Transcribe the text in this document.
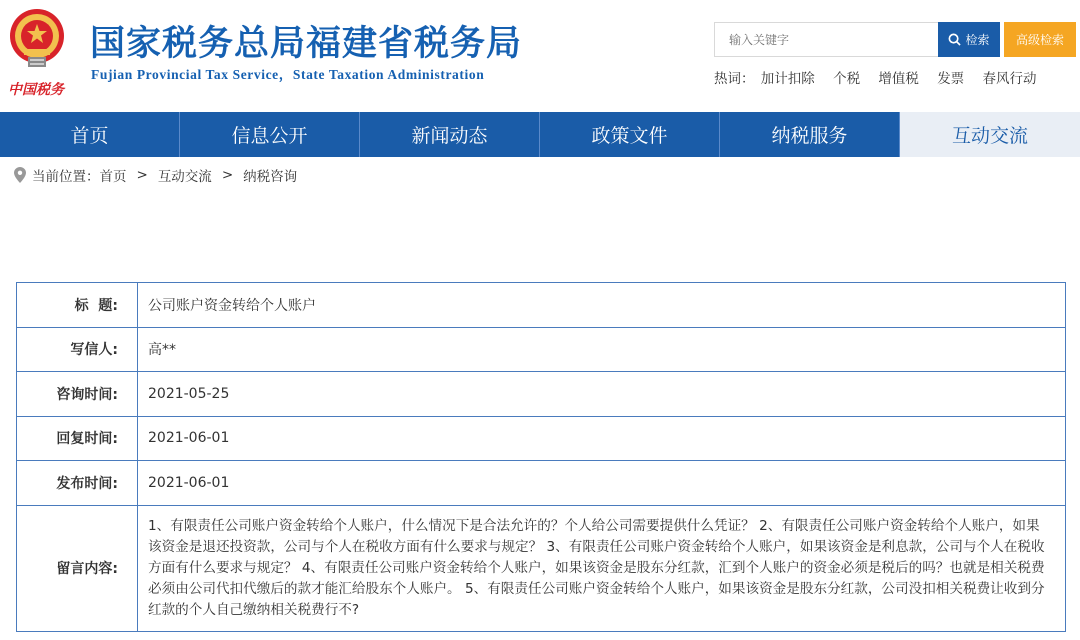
中国税务
国家税务总局福建省税务局
Fujian Provincial Tax Service，State Taxation Administration
输入关键字
检索	高级检索
热词： 加计扣除 个税 增值税 发票 春风行动
首页	信息公开	新闻动态	政策文件	纳税服务	互动交流
当前位置： 首页 > 互动交流 > 纳税咨询
标  题:	公司账户资金转给个人账户
写信人:	高**
咨询时间:	2021-05-25
回复时间:	2021-06-01
发布时间:	2021-06-01
留言内容:	1、有限责任公司账户资金转给个人账户，什么情况下是合法允许的？个人给公司需要提供什么凭证？ 2、有限责任公司账户资金转给个人账户，如果该资金是退还投资款，公司与个人在税收方面有什么要求与规定？ 3、有限责任公司账户资金转给个人账户，如果该资金是利息款，公司与个人在税收方面有什么要求与规定？ 4、有限责任公司账户资金转给个人账户，如果该资金是股东分红款，汇到个人账户的资金必须是税后的吗？也就是相关税费必须由公司代扣代缴后的款才能汇给股东个人账户。 5、有限责任公司账户资金转给个人账户，如果该资金是股东分红款，公司没扣相关税费让收到分红款的个人自己缴纳相关税费行不?
